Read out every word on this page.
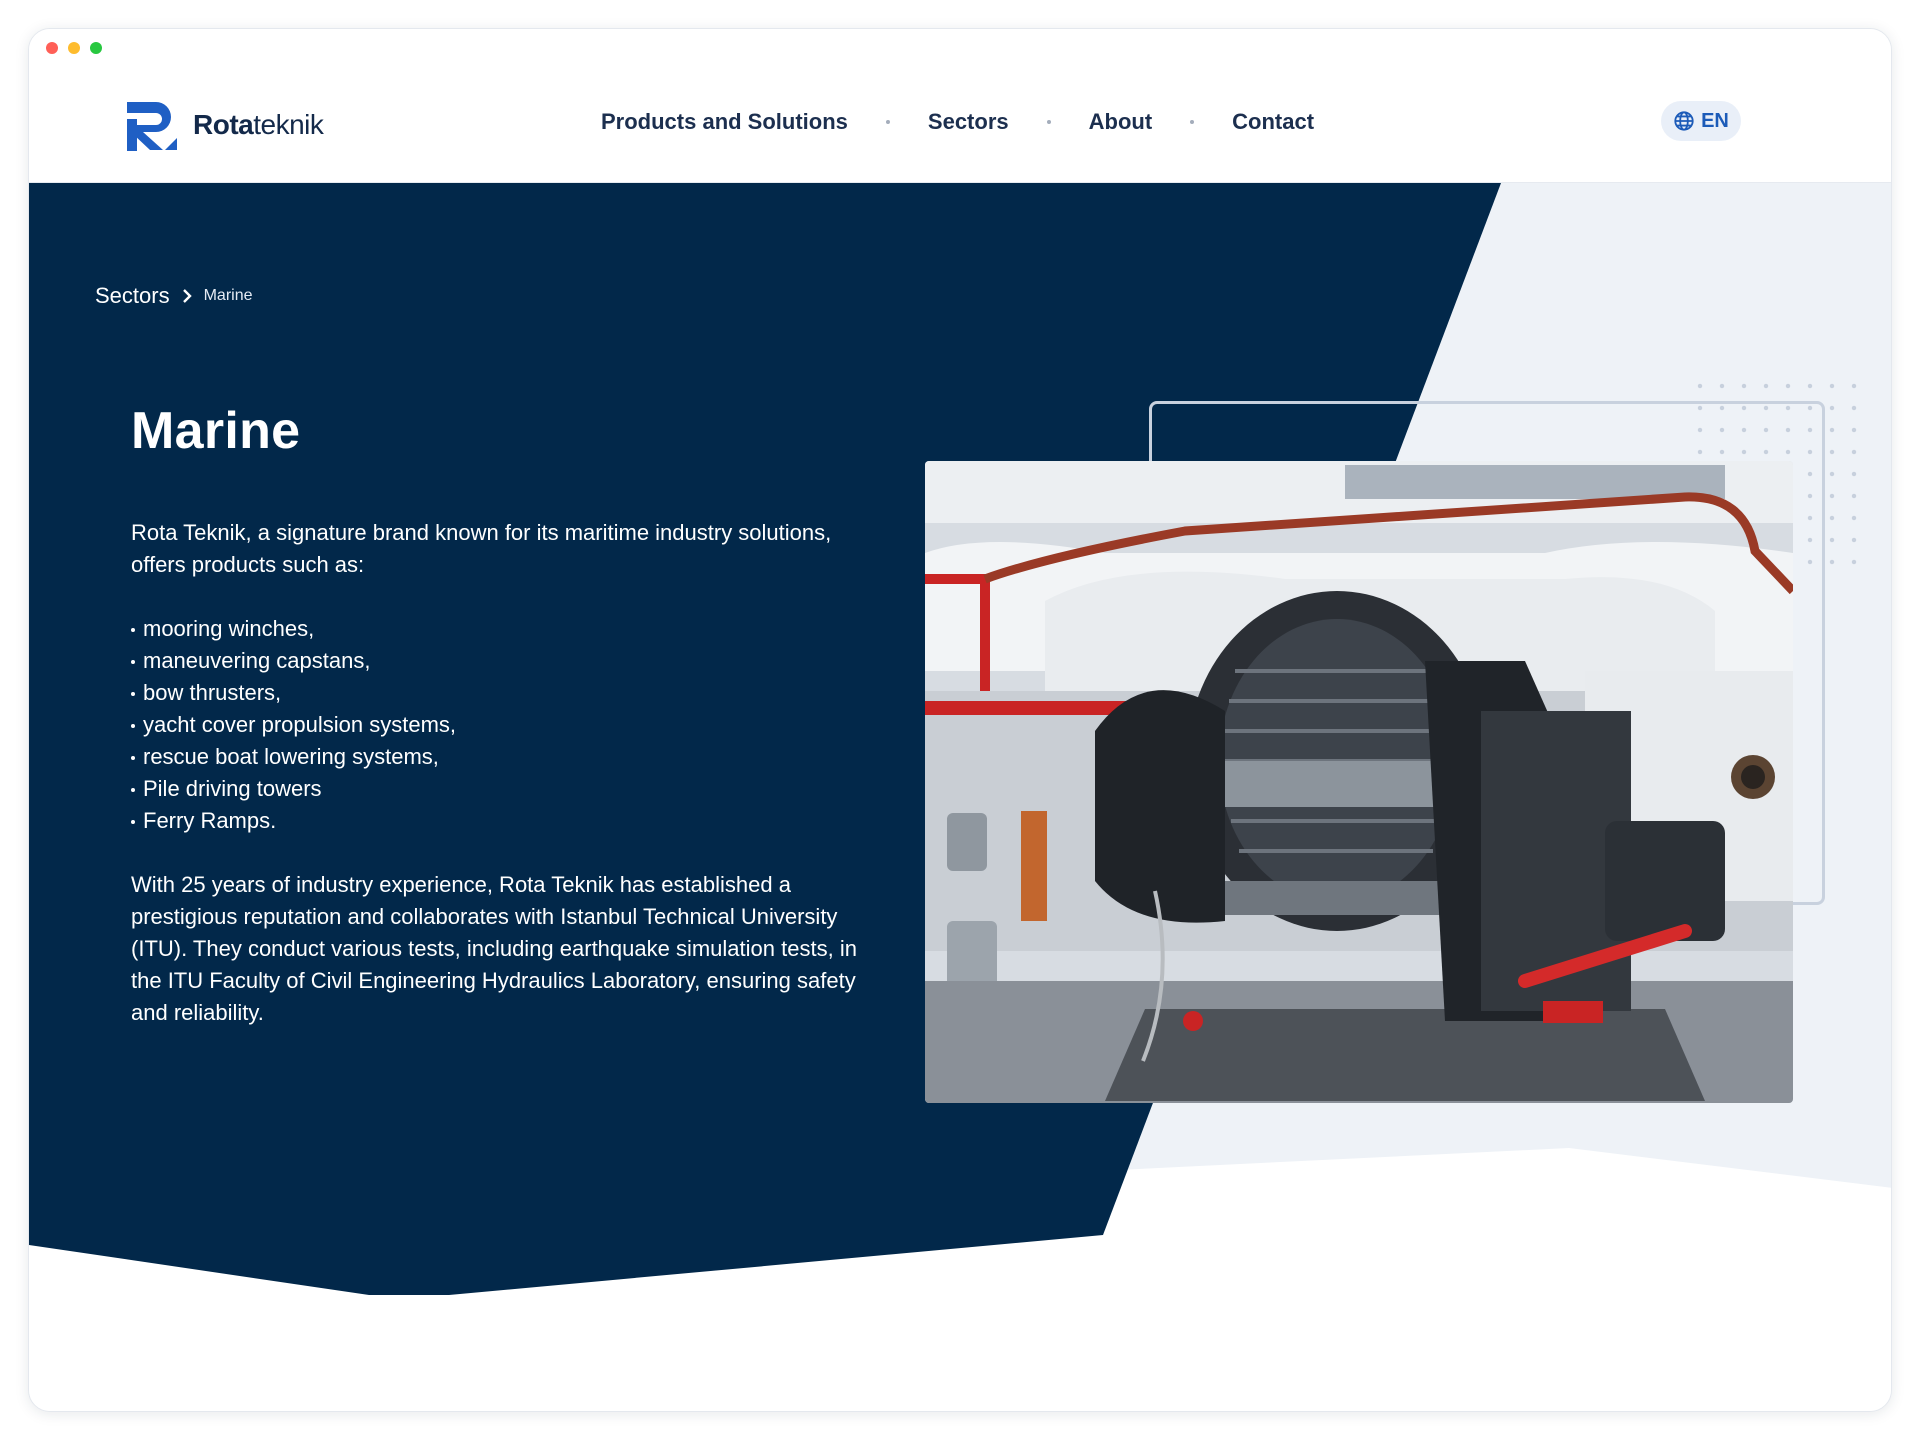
Rotateknik	Products and Solutions	Sectors	About	Contact	EN
Sectors Marine
Marine

Rota Teknik, a signature brand known for its maritime industry solutions, offers products such as:

mooring winches,
maneuvering capstans,
bow thrusters,
yacht cover propulsion systems,
rescue boat lowering systems,
Pile driving towers
Ferry Ramps.

With 25 years of industry experience, Rota Teknik has established a prestigious reputation and collaborates with Istanbul Technical University (ITU). They conduct various tests, including earthquake simulation tests, in the ITU Faculty of Civil Engineering Hydraulics Laboratory, ensuring safety and reliability.
